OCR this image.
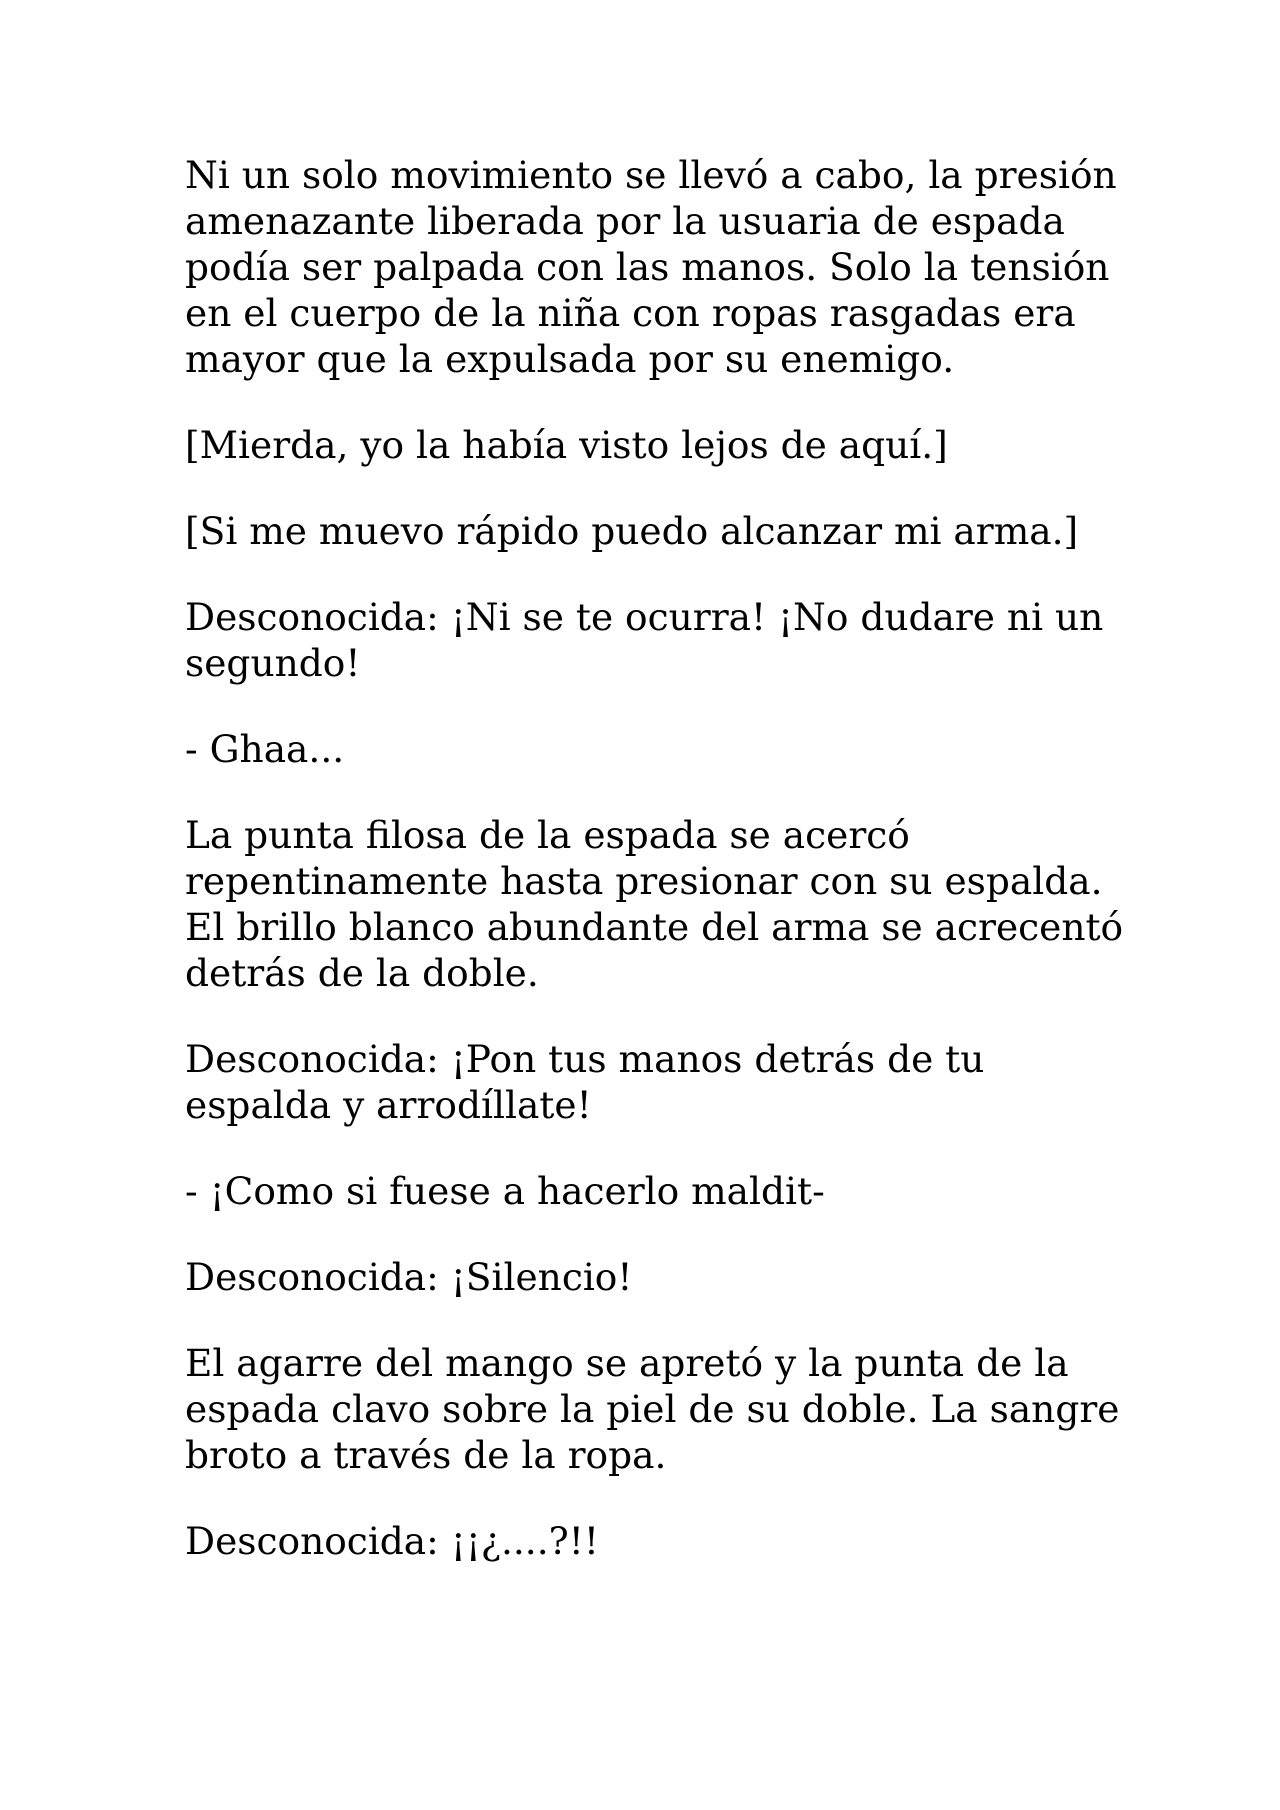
Ni un solo movimiento se llevó a cabo, la presión amenazante liberada por la usuaria de espada podía ser palpada con las manos. Solo la tensión en el cuerpo de la niña con ropas rasgadas era mayor que la expulsada por su enemigo.

[Mierda, yo la había visto lejos de aquí.]

[Si me muevo rápido puedo alcanzar mi arma.]

Desconocida: ¡Ni se te ocurra! ¡No dudare ni un segundo!

- Ghaa...

La punta filosa de la espada se acercó repentinamente hasta presionar con su espalda. El brillo blanco abundante del arma se acrecentó detrás de la doble.

Desconocida: ¡Pon tus manos detrás de tu espalda y arrodíllate!

- ¡Como si fuese a hacerlo maldit-

Desconocida: ¡Silencio!

El agarre del mango se apretó y la punta de la espada clavo sobre la piel de su doble. La sangre broto a través de la ropa.

Desconocida: ¡¡¿....?!!
